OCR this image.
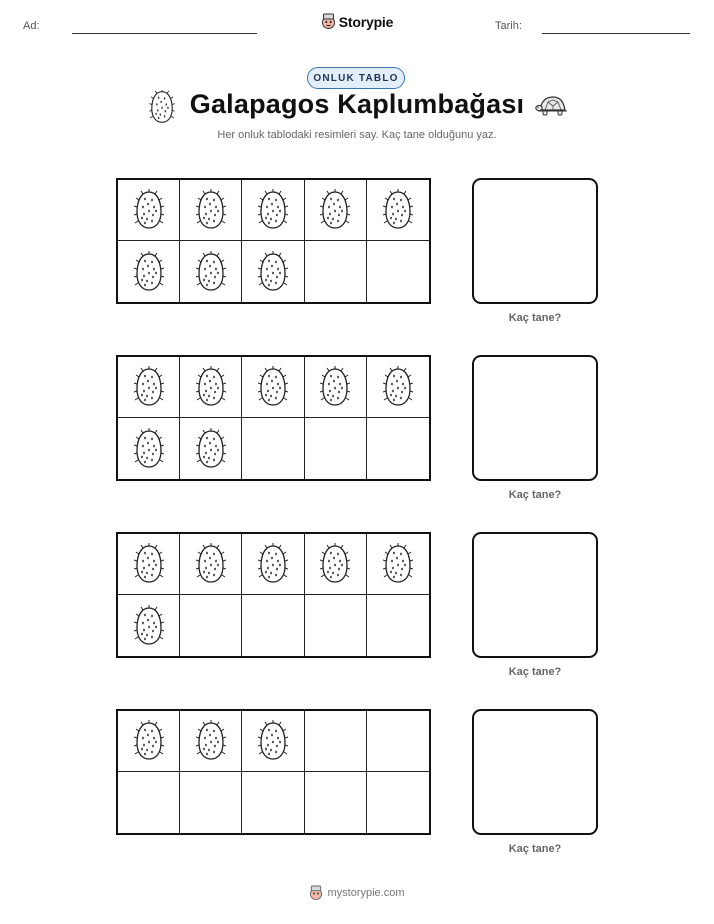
Ad:	Tarih:
Storypie
ONLUK TABLO
Galapagos Kaplumbağası
Her onluk tablodaki resimleri say. Kaç tane olduğunu yaz.
Kaç tane?
Kaç tane?
Kaç tane?
Kaç tane?
mystorypie.com
